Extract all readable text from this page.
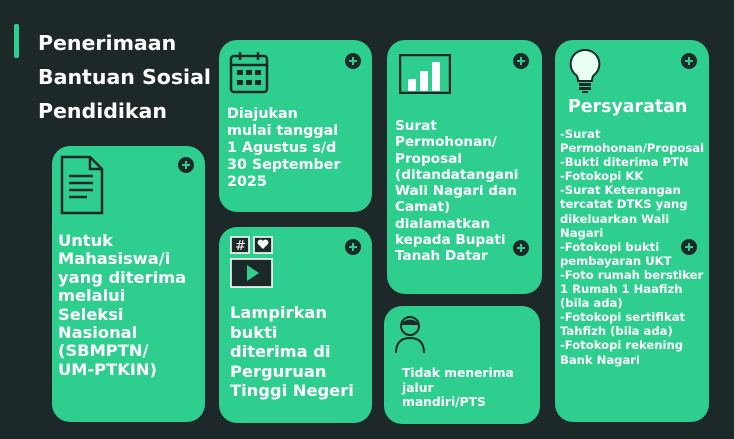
Penerimaan
Bantuan Sosial
Pendidikan
Untuk
Mahasiswa/i
yang diterima
melalui
Seleksi
Nasional
(SBMPTN/
UM-PTKIN)
Diajukan
mulai tanggal
1 Agustus s/d
30 September
2025
#
Lampirkan
bukti
diterima di
Perguruan
Tinggi Negeri
Surat
Permohonan/
Proposal
(ditandatangani
Wali Nagari dan
Camat)
dialamatkan
kepada Bupati
Tanah Datar
Tidak menerima
jalur
mandiri/PTS
Persyaratan
-Surat
Permohonan/Proposal
-Bukti diterima PTN
-Fotokopi KK
-Surat Keterangan
tercatat DTKS yang
dikeluarkan Wali
Nagari
-Fotokopi bukti
pembayaran UKT
-Foto rumah berstiker
1 Rumah 1 Haafizh
(bila ada)
-Fotokopi sertifikat
Tahfizh (bila ada)
-Fotokopi rekening
Bank Nagari
